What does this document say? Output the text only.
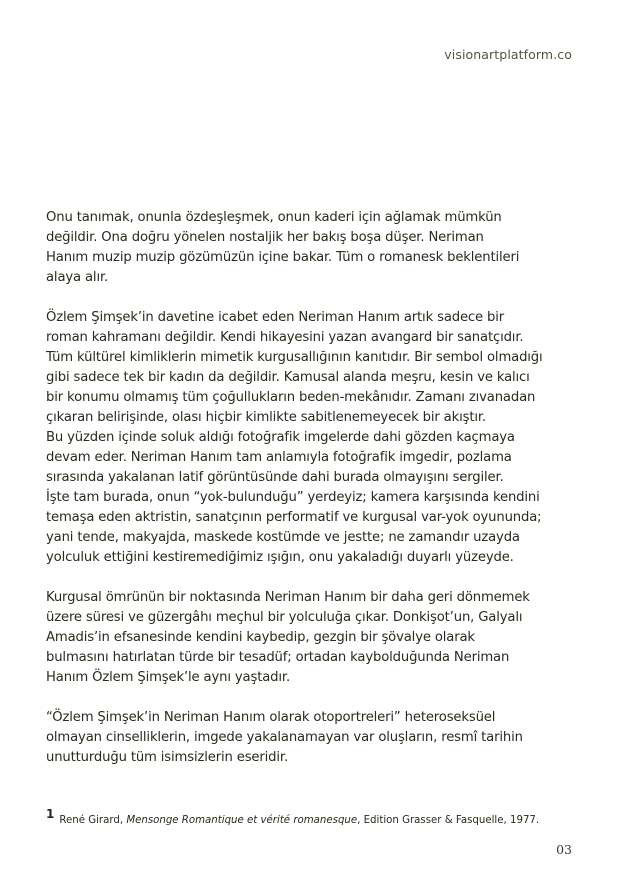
visionartplatform.co

Onu tanımak, onunla özdeşleşmek, onun kaderi için ağlamak mümkün
değildir. Ona doğru yönelen nostaljik her bakış boşa düşer. Neriman
Hanım muzip muzip gözümüzün içine bakar. Tüm o romanesk beklentileri
alaya alır.

Özlem Şimşek’in davetine icabet eden Neriman Hanım artık sadece bir
roman kahramanı değildir. Kendi hikayesini yazan avangard bir sanatçıdır.
Tüm kültürel kimliklerin mimetik kurgusallığının kanıtıdır. Bir sembol olmadığı
gibi sadece tek bir kadın da değildir. Kamusal alanda meşru, kesin ve kalıcı
bir konumu olmamış tüm çoğullukların beden-mekânıdır. Zamanı zıvanadan
çıkaran belirişinde, olası hiçbir kimlikte sabitlenemeyecek bir akıştır.
Bu yüzden içinde soluk aldığı fotoğrafik imgelerde dahi gözden kaçmaya
devam eder. Neriman Hanım tam anlamıyla fotoğrafik imgedir, pozlama
sırasında yakalanan latif görüntüsünde dahi burada olmayışını sergiler.
İşte tam burada, onun “yok-bulunduğu” yerdeyiz; kamera karşısında kendini
temaşa eden aktristin, sanatçının performatif ve kurgusal var-yok oyununda;
yani tende, makyajda, maskede kostümde ve jestte; ne zamandır uzayda
yolculuk ettiğini kestiremediğimiz ışığın, onu yakaladığı duyarlı yüzeyde.

Kurgusal ömrünün bir noktasında Neriman Hanım bir daha geri dönmemek
üzere süresi ve güzergâhı meçhul bir yolculuğa çıkar. Donkişot’un, Galyalı
Amadis’in efsanesinde kendini kaybedip, gezgin bir şövalye olarak
bulmasını hatırlatan türde bir tesadüf; ortadan kaybolduğunda Neriman
Hanım Özlem Şimşek’le aynı yaştadır.

“Özlem Şimşek’in Neriman Hanım olarak otoportreleri” heteroseksüel
olmayan cinselliklerin, imgede yakalanamayan var oluşların, resmî tarihin
unutturduğu tüm isimsizlerin eseridir.

1 René Girard, Mensonge Romantique et vérité romanesque, Edition Grasser & Fasquelle, 1977.
03
